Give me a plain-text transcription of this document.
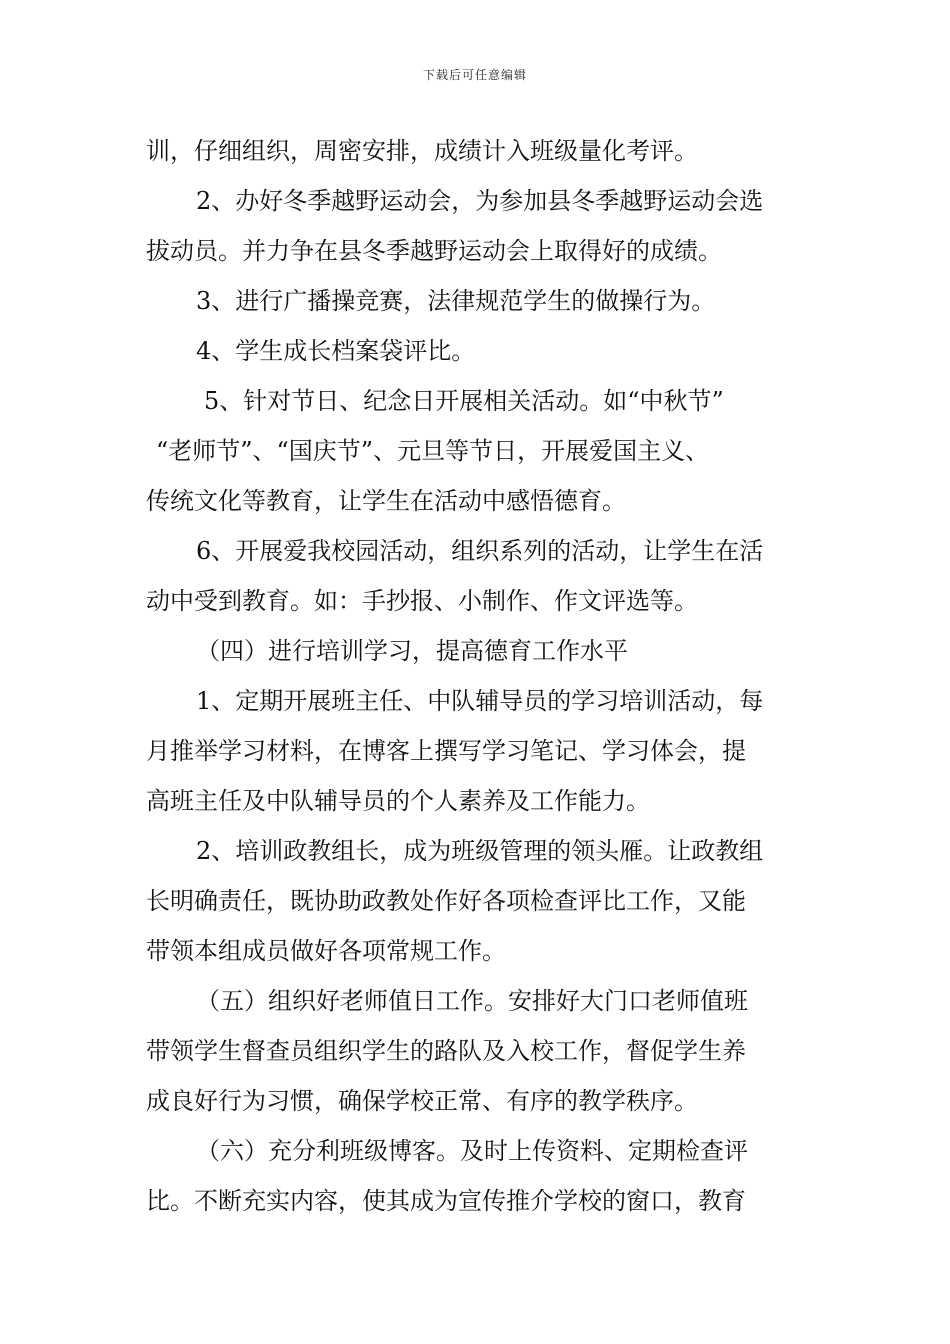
下载后可任意编辑
训，仔细组织，周密安排，成绩计入班级量化考评。
2、办好冬季越野运动会，为参加县冬季越野运动会选
拔动员。并力争在县冬季越野运动会上取得好的成绩。
3、进行广播操竞赛，法律规范学生的做操行为。
4、学生成长档案袋评比。
5、针对节日、纪念日开展相关活动。如“中秋节”
“老师节”、“国庆节”、元旦等节日，开展爱国主义、
传统文化等教育，让学生在活动中感悟德育。
6、开展爱我校园活动，组织系列的活动，让学生在活
动中受到教育。如：手抄报、小制作、作文评选等。
（四）进行培训学习，提高德育工作水平
1、定期开展班主任、中队辅导员的学习培训活动，每
月推举学习材料，在博客上撰写学习笔记、学习体会，提
高班主任及中队辅导员的个人素养及工作能力。
2、培训政教组长，成为班级管理的领头雁。让政教组
长明确责任，既协助政教处作好各项检查评比工作，又能
带领本组成员做好各项常规工作。
（五）组织好老师值日工作。安排好大门口老师值班
带领学生督查员组织学生的路队及入校工作，督促学生养
成良好行为习惯，确保学校正常、有序的教学秩序。
（六）充分利班级博客。及时上传资料、定期检查评
比。不断充实内容，使其成为宣传推介学校的窗口，教育
